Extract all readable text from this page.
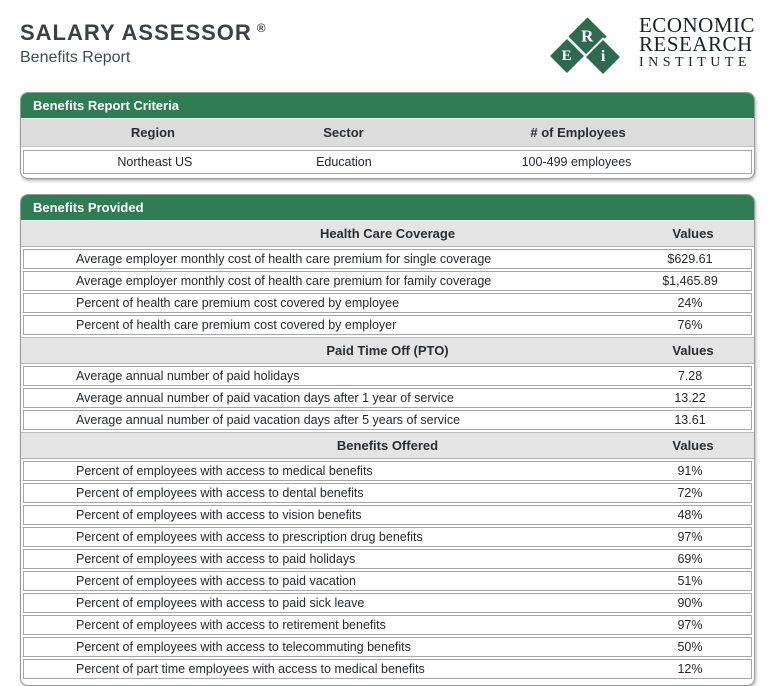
SALARY ASSESSOR ®
Benefits Report
R
E i
ECONOMIC
RESEARCH
INSTITUTE
Benefits Report Criteria
Region	Sector	# of Employees
Northeast US	Education	100-499 employees
Benefits Provided
Health Care Coverage	Values
Average employer monthly cost of health care premium for single coverage	$629.61
Average employer monthly cost of health care premium for family coverage	$1,465.89
Percent of health care premium cost covered by employee	24%
Percent of health care premium cost covered by employer	76%
Paid Time Off (PTO)	Values
Average annual number of paid holidays	7.28
Average annual number of paid vacation days after 1 year of service	13.22
Average annual number of paid vacation days after 5 years of service	13.61
Benefits Offered	Values
Percent of employees with access to medical benefits	91%
Percent of employees with access to dental benefits	72%
Percent of employees with access to vision benefits	48%
Percent of employees with access to prescription drug benefits	97%
Percent of employees with access to paid holidays	69%
Percent of employees with access to paid vacation	51%
Percent of employees with access to paid sick leave	90%
Percent of employees with access to retirement benefits	97%
Percent of employees with access to telecommuting benefits	50%
Percent of part time employees with access to medical benefits	12%
